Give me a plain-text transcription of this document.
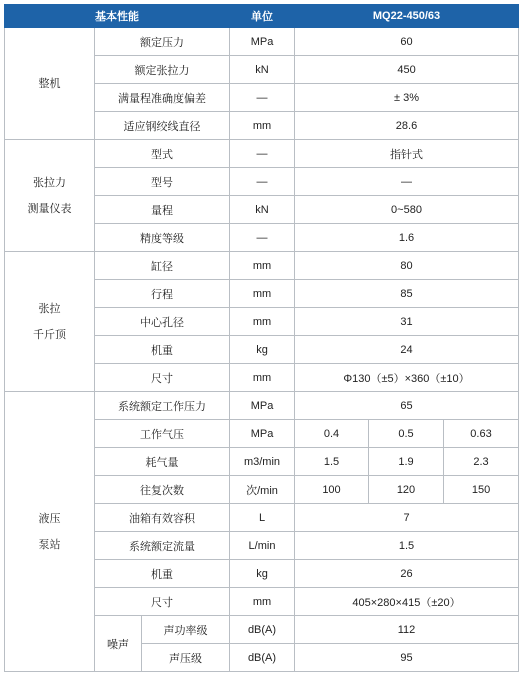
基本性能			单位	MQ22-450/63		
整机	额定压力		MPa	60		
	额定张拉力		kN	450		
	满量程准确度偏差		—	± 3%		
	适应钢绞线直径		mm	28.6		

张拉力
测量仪表	型式		—	指针式		
	型号		—	—		
	量程		kN	0~580		
	精度等级		—	1.6		

张拉
千斤顶	缸径		mm	80		
	行程		mm	85		
	中心孔径		mm	31		
	机重		kg	24		
	尺寸		mm	Φ130（±5）×360（±10）		

液压
泵站	系统额定工作压力		MPa	65		
	工作气压		MPa	0.4	0.5	0.63
	耗气量		m3/min	1.5	1.9	2.3
	往复次数		次/min	100	120	150
	油箱有效容积		L	7		
	系统额定流量		L/min	1.5		
	机重		kg	26		
	尺寸		mm	405×280×415（±20）		
	噪声	声功率级	dB(A)	112		
		声压级	dB(A)	95		
